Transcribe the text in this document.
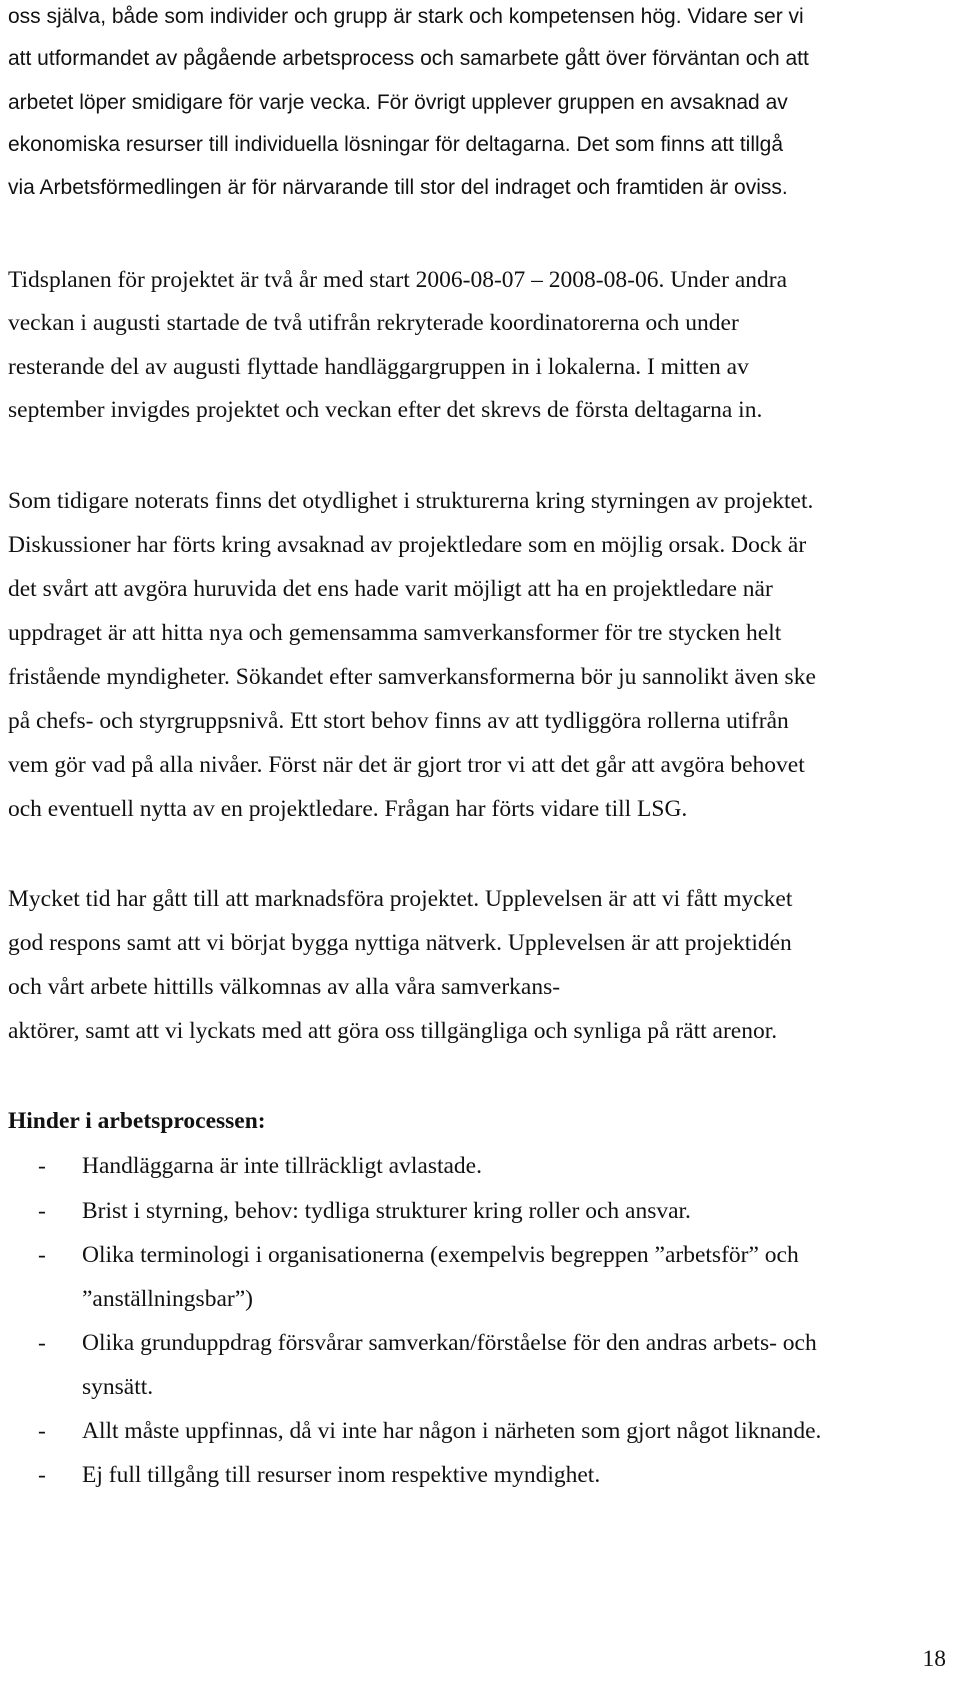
oss själva, både som individer och grupp är stark och kompetensen hög. Vidare ser vi
att utformandet av pågående arbetsprocess och samarbete gått över förväntan och att
arbetet löper smidigare för varje vecka. För övrigt upplever gruppen en avsaknad av
ekonomiska resurser till individuella lösningar för deltagarna. Det som finns att tillgå
via Arbetsförmedlingen är för närvarande till stor del indraget och framtiden är oviss.
Tidsplanen för projektet är två år med start 2006-08-07 – 2008-08-06. Under andra
veckan i augusti startade de två utifrån rekryterade koordinatorerna och under
resterande del av augusti flyttade handläggargruppen in i lokalerna. I mitten av
september invigdes projektet och veckan efter det skrevs de första deltagarna in.
Som tidigare noterats finns det otydlighet i strukturerna kring styrningen av projektet.
Diskussioner har förts kring avsaknad av projektledare som en möjlig orsak. Dock är
det svårt att avgöra huruvida det ens hade varit möjligt att ha en projektledare när
uppdraget är att hitta nya och gemensamma samverkansformer för tre stycken helt
fristående myndigheter. Sökandet efter samverkansformerna bör ju sannolikt även ske
på chefs- och styrgruppsnivå. Ett stort behov finns av att tydliggöra rollerna utifrån
vem gör vad på alla nivåer. Först när det är gjort tror vi att det går att avgöra behovet
och eventuell nytta av en projektledare. Frågan har förts vidare till LSG.
Mycket tid har gått till att marknadsföra projektet. Upplevelsen är att vi fått mycket
god respons samt att vi börjat bygga nyttiga nätverk. Upplevelsen är att projektidén
och vårt arbete hittills välkomnas av alla våra samverkans-
aktörer, samt att vi lyckats med att göra oss tillgängliga och synliga på rätt arenor.
Hinder i arbetsprocessen:
- Handläggarna är inte tillräckligt avlastade.
- Brist i styrning, behov: tydliga strukturer kring roller och ansvar.
- Olika terminologi i organisationerna (exempelvis begreppen ”arbetsför” och
”anställningsbar”)
- Olika grunduppdrag försvårar samverkan/förståelse för den andras arbets- och
synsätt.
- Allt måste uppfinnas, då vi inte har någon i närheten som gjort något liknande.
- Ej full tillgång till resurser inom respektive myndighet.
18
